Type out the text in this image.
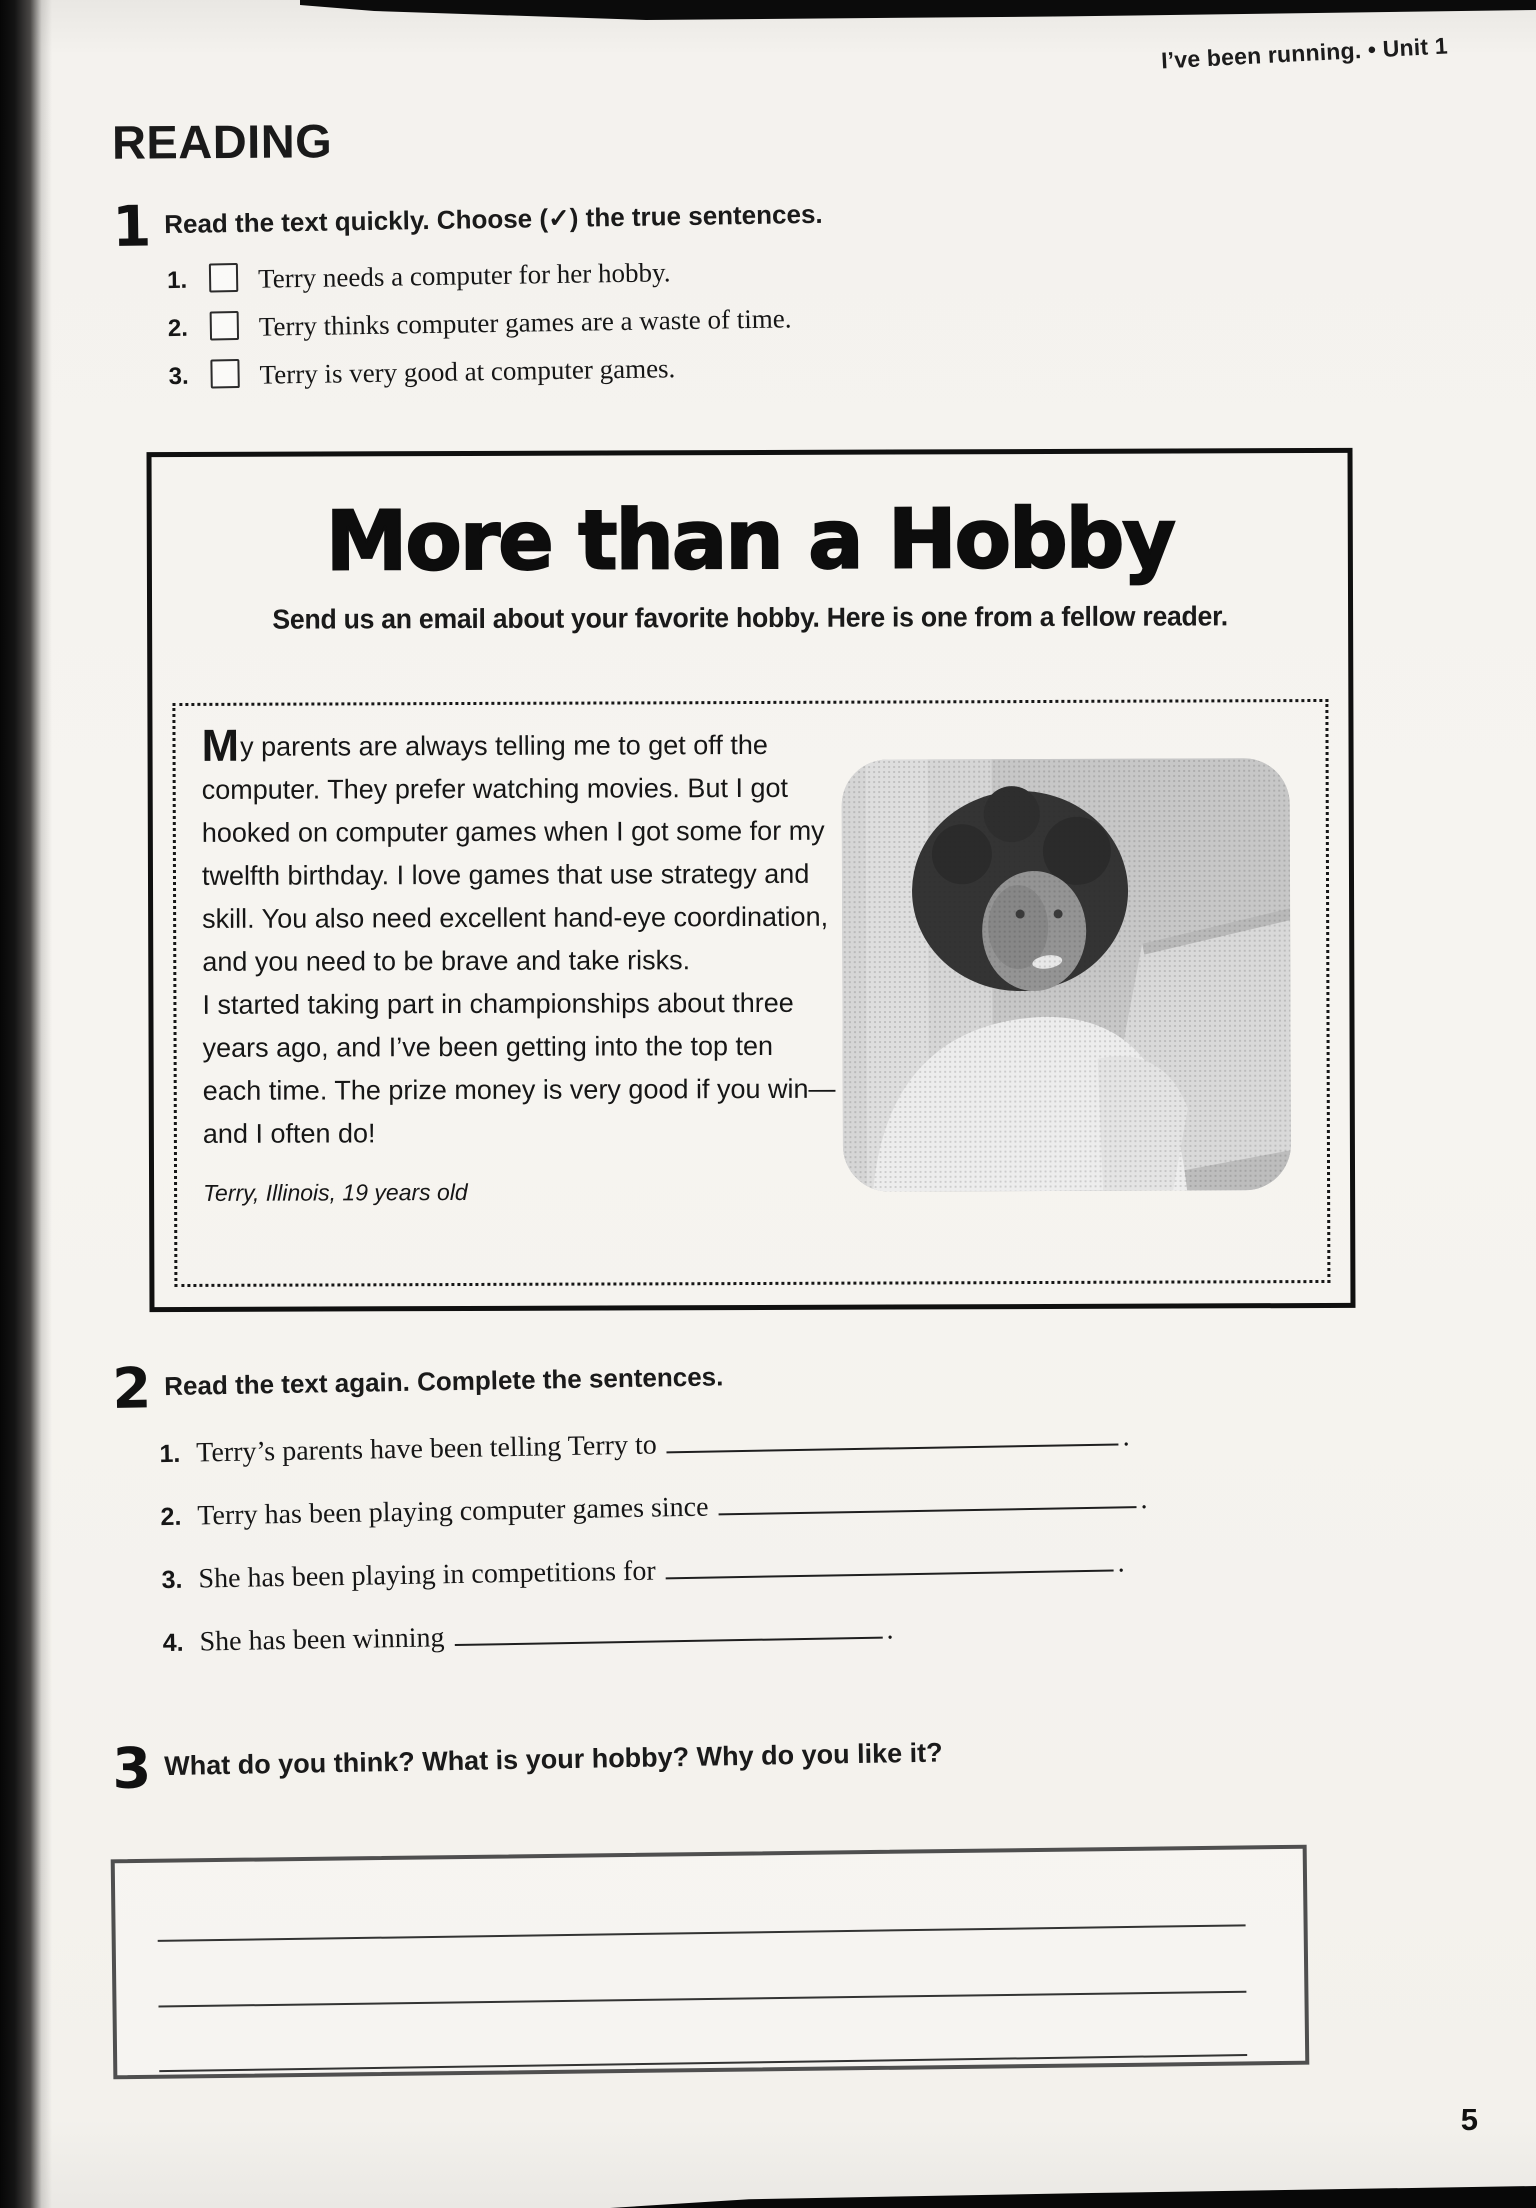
I’ve been running. • Unit 1
READING
1 Read the text quickly. Choose (✓) the true sentences.
1.	Terry needs a computer for her hobby.
2.	Terry thinks computer games are a waste of time.
3.	Terry is very good at computer games.
More than a Hobby
Send us an email about your favorite hobby. Here is one from a fellow reader.

My parents are always telling me to get off the computer. They prefer watching movies. But I got hooked on computer games when I got some for my twelfth birthday. I love games that use strategy and skill. You also need excellent hand-eye coordination, and you need to be brave and take risks.

I started taking part in championships about three years ago, and I’ve been getting into the top ten each time. The prize money is very good if you win—and I often do!

Terry, Illinois, 19 years old
2 Read the text again. Complete the sentences.
1. Terry’s parents have been telling Terry to	.
2. Terry has been playing computer games since	.
3. She has been playing in competitions for	.
4. She has been winning	.
3 What do you think? What is your hobby? Why do you like it?
5
